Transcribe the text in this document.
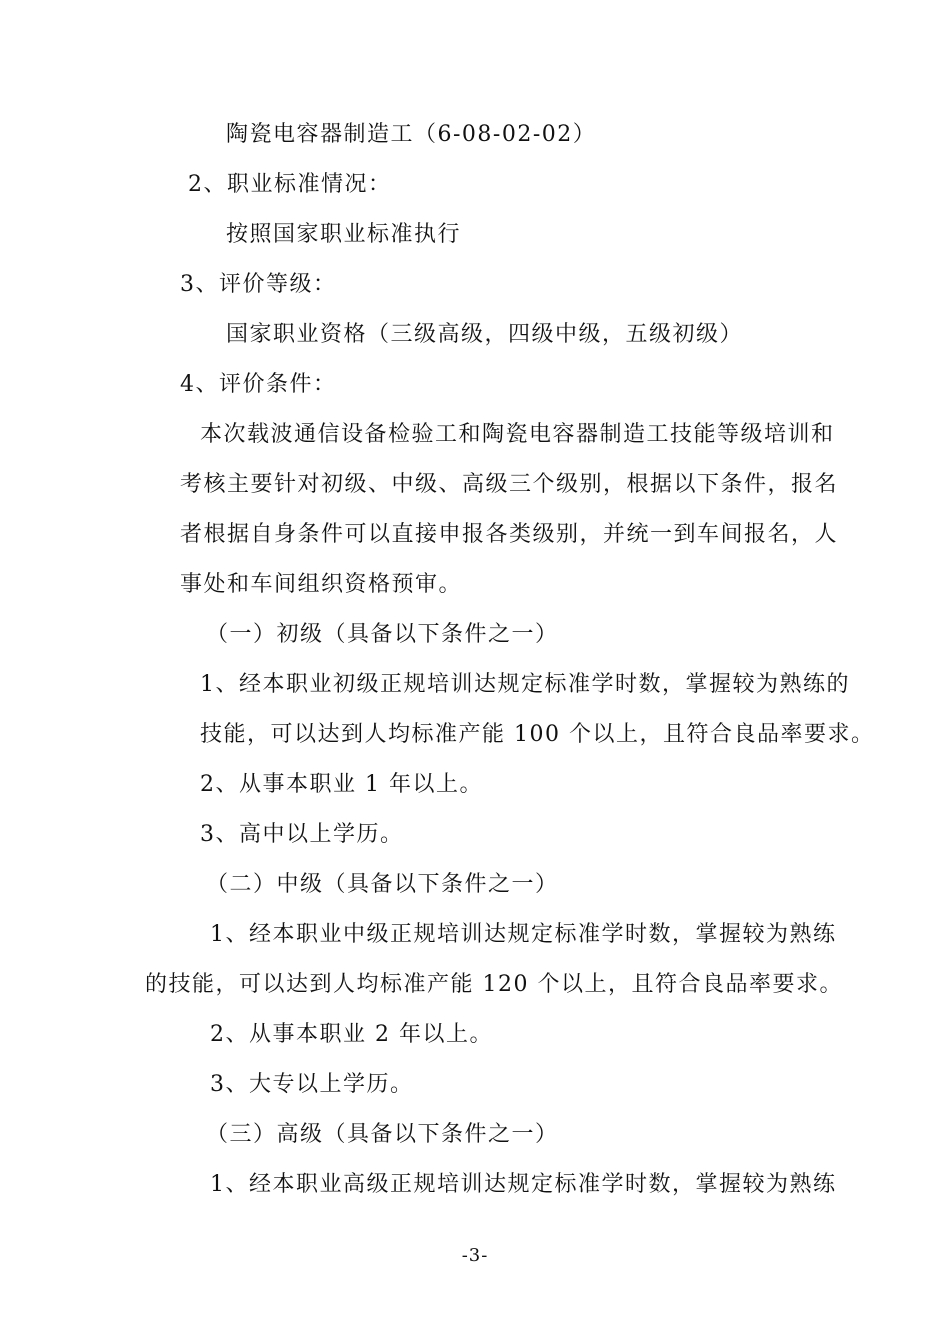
陶瓷电容器制造工（6-08-02-02）
2、职业标准情况：
按照国家职业标准执行
3、评价等级：
国家职业资格（三级高级，四级中级，五级初级）
4、评价条件：
本次载波通信设备检验工和陶瓷电容器制造工技能等级培训和
考核主要针对初级、中级、高级三个级别，根据以下条件，报名
者根据自身条件可以直接申报各类级别，并统一到车间报名，人
事处和车间组织资格预审。
（一）初级（具备以下条件之一）
1、经本职业初级正规培训达规定标准学时数，掌握较为熟练的
技能，可以达到人均标准产能 100 个以上，且符合良品率要求。
2、从事本职业 1 年以上。
3、高中以上学历。
（二）中级（具备以下条件之一）
1、经本职业中级正规培训达规定标准学时数，掌握较为熟练
的技能，可以达到人均标准产能 120 个以上，且符合良品率要求。
2、从事本职业 2 年以上。
3、大专以上学历。
（三）高级（具备以下条件之一）
1、经本职业高级正规培训达规定标准学时数，掌握较为熟练
-3-
